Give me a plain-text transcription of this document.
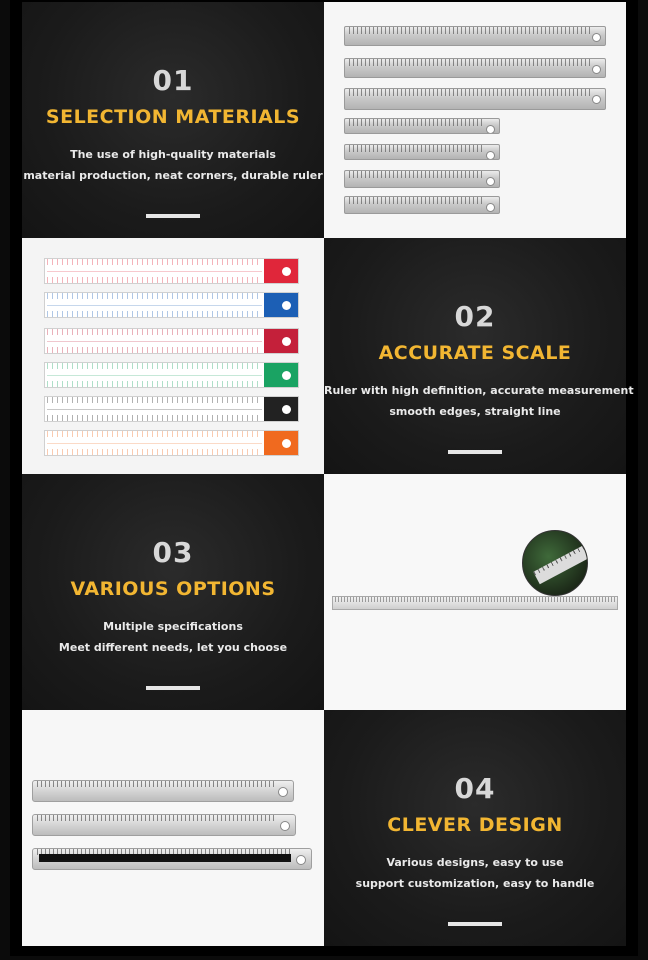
01
SELECTION MATERIALS
The use of high-quality materials
material production, neat corners, durable ruler
02
ACCURATE SCALE
Ruler with high definition, accurate measurement
smooth edges, straight line
03
VARIOUS OPTIONS
Multiple specifications
Meet different needs, let you choose
04
CLEVER DESIGN
Various designs, easy to use
support customization, easy to handle
